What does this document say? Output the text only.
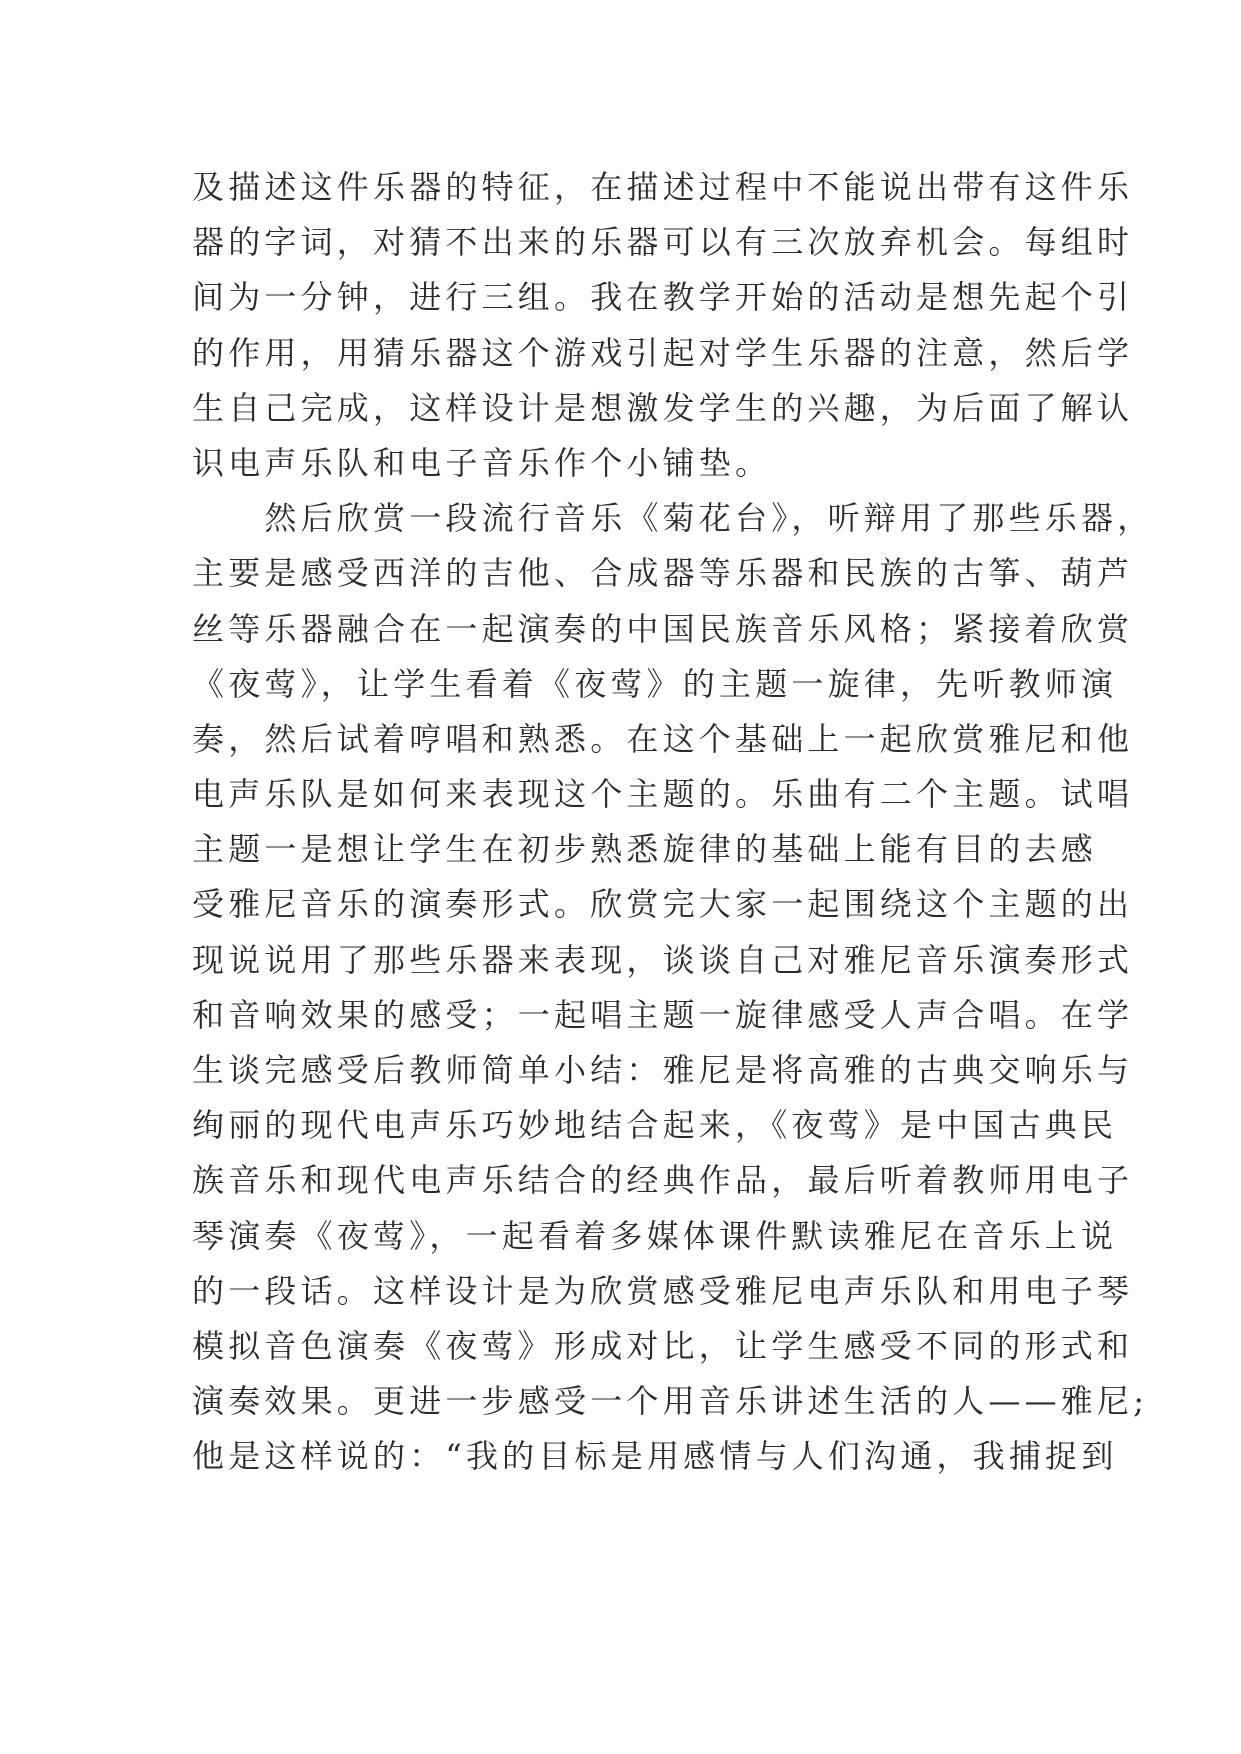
及描述这件乐器的特征，在描述过程中不能说出带有这件乐
器的字词，对猜不出来的乐器可以有三次放弃机会。每组时
间为一分钟，进行三组。我在教学开始的活动是想先起个引
的作用，用猜乐器这个游戏引起对学生乐器的注意，然后学
生自己完成，这样设计是想激发学生的兴趣，为后面了解认
识电声乐队和电子音乐作个小铺垫。
　　然后欣赏一段流行音乐《菊花台》，听辩用了那些乐器，
主要是感受西洋的吉他、合成器等乐器和民族的古筝、葫芦
丝等乐器融合在一起演奏的中国民族音乐风格；紧接着欣赏
《夜莺》，让学生看着《夜莺》的主题一旋律，先听教师演
奏，然后试着哼唱和熟悉。在这个基础上一起欣赏雅尼和他
电声乐队是如何来表现这个主题的。乐曲有二个主题。试唱
主题一是想让学生在初步熟悉旋律的基础上能有目的去感
受雅尼音乐的演奏形式。欣赏完大家一起围绕这个主题的出
现说说用了那些乐器来表现，谈谈自己对雅尼音乐演奏形式
和音响效果的感受；一起唱主题一旋律感受人声合唱。在学
生谈完感受后教师简单小结：雅尼是将高雅的古典交响乐与
绚丽的现代电声乐巧妙地结合起来，《夜莺》是中国古典民
族音乐和现代电声乐结合的经典作品，最后听着教师用电子
琴演奏《夜莺》，一起看着多媒体课件默读雅尼在音乐上说
的一段话。这样设计是为欣赏感受雅尼电声乐队和用电子琴
模拟音色演奏《夜莺》形成对比，让学生感受不同的形式和
演奏效果。更进一步感受一个用音乐讲述生活的人——雅尼;
他是这样说的：“我的目标是用感情与人们沟通，我捕捉到
